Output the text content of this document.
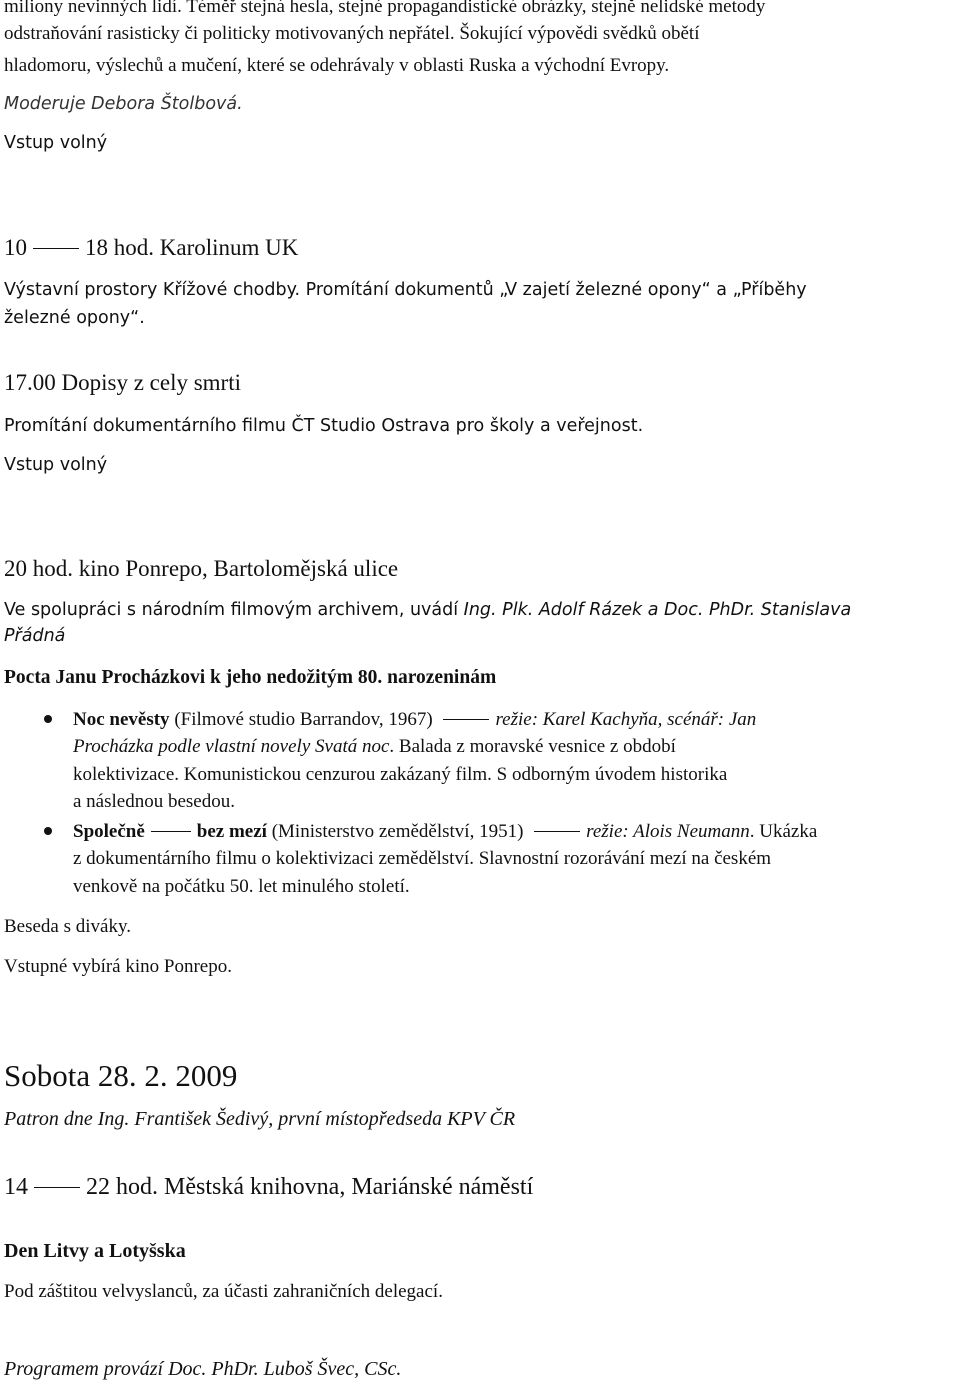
miliony nevinných lidí. Téměř stejná hesla, stejné propagandistické obrázky, stejně nelidské metody

odstraňování rasisticky či politicky motivovaných nepřátel. Šokující výpovědi svědků obětí

hladomoru, výslechů a mučení, které se odehrávaly v oblasti Ruska a východní Evropy.

Moderuje Debora Štolbová.

Vstup volný

10	18 hod. Karolinum UK

Výstavní prostory Křížové chodby. Promítání dokumentů „V zajetí železné opony“ a „Příběhy

železné opony“.

17.00 Dopisy z cely smrti

Promítání dokumentárního filmu ČT Studio Ostrava pro školy a veřejnost.

Vstup volný

20 hod. kino Ponrepo, Bartolomějská ulice

Ve spolupráci s národním filmovým archivem, uvádí Ing. Plk. Adolf Rázek a Doc. PhDr. Stanislava

Přádná

Pocta Janu Procházkovi k jeho nedožitým 80. narozeninám

Noc nevěsty (Filmové studio Barrandov, 1967)	režie: Karel Kachyňa, scénář: Jan

Procházka podle vlastní novely Svatá noc. Balada z moravské vesnice z období

kolektivizace. Komunistickou cenzurou zakázaný film. S odborným úvodem historika

a následnou besedou.

Společně	bez mezí (Ministerstvo zemědělství, 1951)	režie: Alois Neumann. Ukázka

z dokumentárního filmu o kolektivizaci zemědělství. Slavnostní rozorávání mezí na českém

venkově na počátku 50. let minulého století.

Beseda s diváky.

Vstupné vybírá kino Ponrepo.

Sobota 28. 2. 2009

Patron dne Ing. František Šedivý, první místopředseda KPV ČR

14 22 hod. Městská knihovna, Mariánské náměstí

Den Litvy a Lotyšska

Pod záštitou velvyslanců, za účasti zahraničních delegací.

Programem provází Doc. PhDr. Luboš Švec, CSc.
